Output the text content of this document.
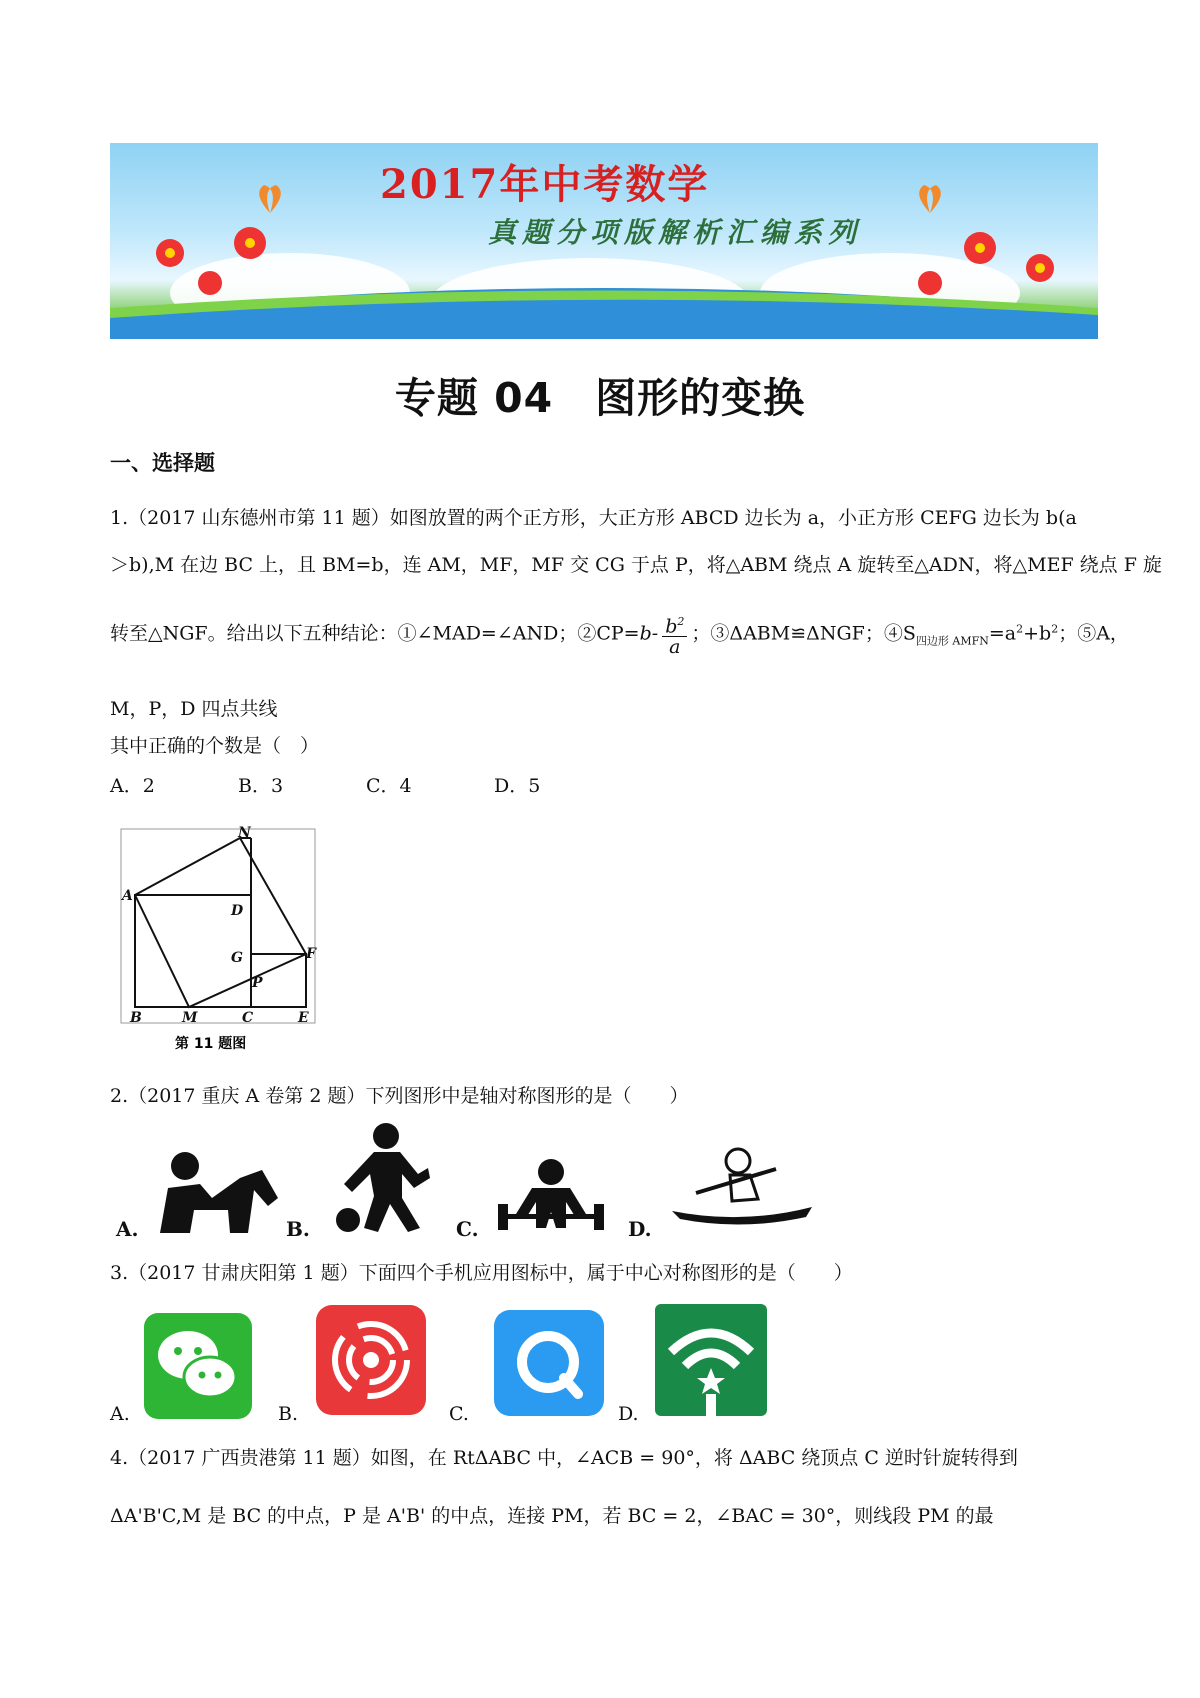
2017年中考数学
真题分项版解析汇编系列
专题 04　图形的变换
一、选择题
1.（2017 山东德州市第 11 题）如图放置的两个正方形，大正方形 ABCD 边长为 a，小正方形 CEFG 边长为 b(a
＞b),M 在边 BC 上，且 BM=b，连 AM，MF，MF 交 CG 于点 P，将△ABM 绕点 A 旋转至△ADN，将△MEF 绕点 F 旋
转至△NGF。给出以下五种结论：①∠MAD=∠AND；②CP=b- $\frac{b^2}{a}$ ；③ΔABM≌ΔNGF；$④S_{四边形 AMFN}=a^2+b^2$；⑤A，
M，P，D 四点共线
其中正确的个数是（　）
A．2	B．3	C．4	D．5
N
A
D
G	F
P
B	M	C	E
第 11 题图
2.（2017 重庆 A 卷第 2 题）下列图形中是轴对称图形的是（　　）
A.	B.	C.	D.
3.（2017 甘肃庆阳第 1 题）下面四个手机应用图标中，属于中心对称图形的是（　　）
A.	B.	C.	D.
4.（2017 广西贵港第 11 题）如图，在 RtΔABC 中，∠ACB = 90°，将 ΔABC 绕顶点 C 逆时针旋转得到
ΔA'B'C,M 是 BC 的中点，P 是 A'B' 的中点，连接 PM，若 BC = 2，∠BAC = 30°，则线段 PM 的最
